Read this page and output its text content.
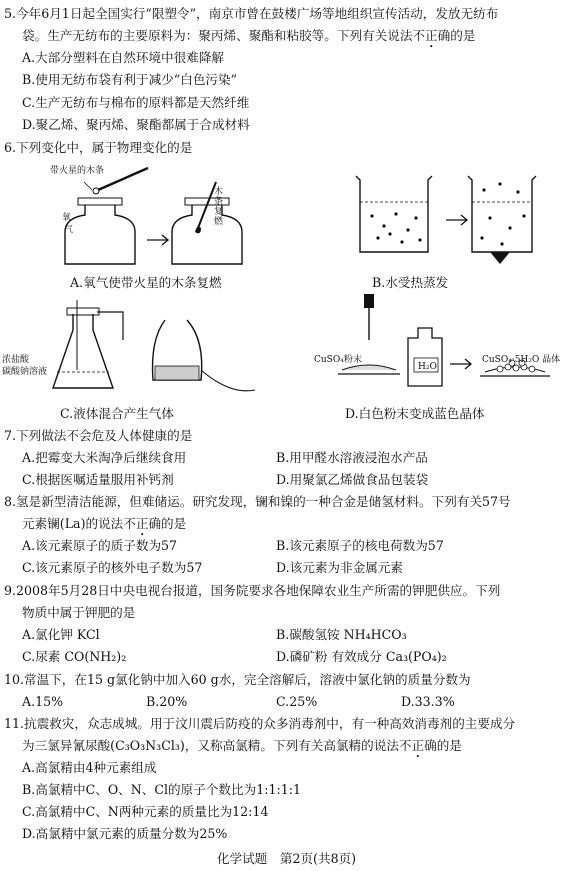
5.今年6月1日起全国实行“限塑令”，南京市曾在鼓楼广场等地组织宣传活动，发放无纺布
袋。生产无纺布的主要原料为：聚丙烯、聚酯和粘胶等。下列有关说法不正确的是
A.大部分塑料在自然环境中很难降解
B.使用无纺布袋有利于减少“白色污染”
C.生产无纺布与棉布的原料都是天然纤维
D.聚乙烯、聚丙烯、聚酯都属于合成材料
6.下列变化中，属于物理变化的是
带火星的木条
氧
气
木
条
复
燃
A.氧气使带火星的木条复燃	B.水受热蒸发
浓盐酸
碳酸钠溶液
CuSO₄粉末
H₂O
CuSO₄·5H₂O 晶体
C.液体混合产生气体	D.白色粉末变成蓝色晶体
7.下列做法不会危及人体健康的是
A.把霉变大米淘净后继续食用	B.用甲醛水溶液浸泡水产品
C.根据医嘱适量服用补钙剂	D.用聚氯乙烯做食品包装袋
8.氢是新型清洁能源，但难储运。研究发现，镧和镍的一种合金是储氢材料。下列有关57号
元素镧(La)的说法不正确的是
A.该元素原子的质子数为57	B.该元素原子的核电荷数为57
C.该元素原子的核外电子数为57	D.该元素为非金属元素
9.2008年5月28日中央电视台报道，国务院要求各地保障农业生产所需的钾肥供应。下列
物质中属于钾肥的是
A.氯化钾 KCl	B.碳酸氢铵 NH₄HCO₃
C.尿素 CO(NH₂)₂	D.磷矿粉 有效成分 Ca₃(PO₄)₂
10.常温下，在15 g氯化钠中加入60 g水，完全溶解后，溶液中氯化钠的质量分数为
A.15%	B.20%	C.25%	D.33.3%
11.抗震救灾，众志成城。用于汶川震后防疫的众多消毒剂中，有一种高效消毒剂的主要成分
为三氯异氰尿酸(C₃O₃N₃Cl₃)，又称高氯精。下列有关高氯精的说法不正确的是
A.高氯精由4种元素组成
B.高氯精中C、O、N、Cl的原子个数比为1:1:1:1
C.高氯精中C、N两种元素的质量比为12:14
D.高氯精中氯元素的质量分数为25%
化学试题　第2页(共8页)
